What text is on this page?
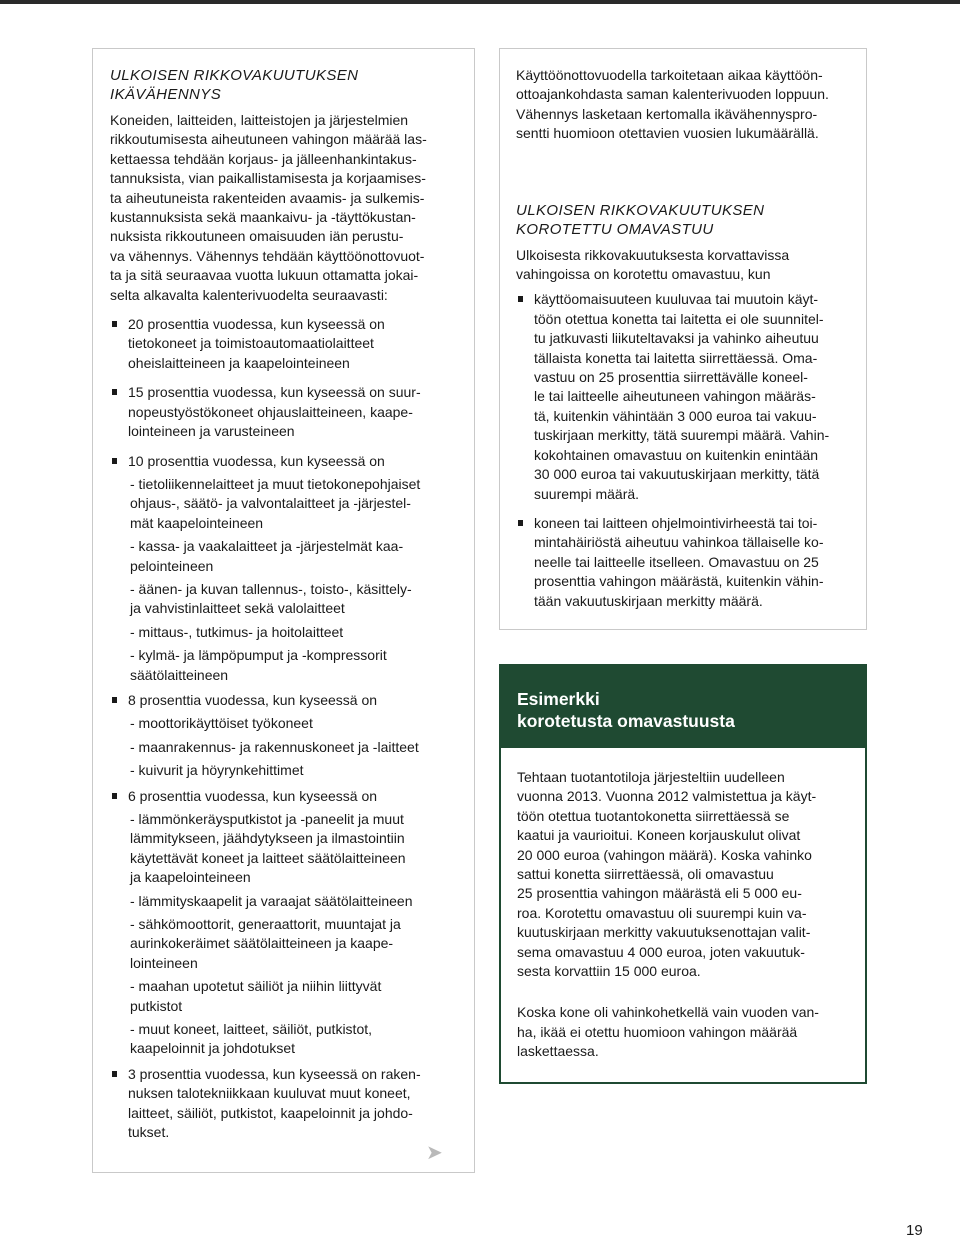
ULKOISEN RIKKOVAKUUTUKSEN
IKÄVÄHENNYS
Koneiden, laitteiden, laitteistojen ja järjestelmien
rikkoutumisesta aiheutuneen vahingon määrää las-
kettaessa tehdään korjaus- ja jälleenhankintakus-
tannuksista, vian paikallistamisesta ja korjaamises-
ta aiheutuneista rakenteiden avaamis- ja sulkemis-
kustannuksista sekä maankaivu- ja -täyttökustan-
nuksista rikkoutuneen omaisuuden iän perustu-
va vähennys. Vähennys tehdään käyttöönottovuot-
ta ja sitä seuraavaa vuotta lukuun ottamatta jokai-
selta alkavalta kalenterivuodelta seuraavasti:
20 prosenttia vuodessa, kun kyseessä on
tietokoneet ja toimistoautomaatiolaitteet
oheislaitteineen ja kaapelointeineen
15 prosenttia vuodessa, kun kyseessä on suur-
nopeustyöstökoneet ohjauslaitteineen, kaape-
lointeineen ja varusteineen
10 prosenttia vuodessa, kun kyseessä on
- tietoliikennelaitteet ja muut tietokonepohjaiset
ohjaus-, säätö- ja valvontalaitteet ja -järjestel-
mät kaapelointeineen
- kassa- ja vaakalaitteet ja -järjestelmät kaa-
pelointeineen
- äänen- ja kuvan tallennus-, toisto-, käsittely-
ja vahvistinlaitteet sekä valolaitteet
- mittaus-, tutkimus- ja hoitolaitteet
- kylmä- ja lämpöpumput ja -kompressorit
säätölaitteineen
8 prosenttia vuodessa, kun kyseessä on
- moottorikäyttöiset työkoneet
- maanrakennus- ja rakennuskoneet ja -laitteet
- kuivurit ja höyrynkehittimet
6 prosenttia vuodessa, kun kyseessä on
- lämmönkeräysputkistot ja -paneelit ja muut
lämmitykseen, jäähdytykseen ja ilmastointiin
käytettävät koneet ja laitteet säätölaitteineen
ja kaapelointeineen
- lämmityskaapelit ja varaajat säätölaitteineen
- sähkömoottorit, generaattorit, muuntajat ja
aurinkokeräimet säätölaitteineen ja kaape-
lointeineen
- maahan upotetut säiliöt ja niihin liittyvät
putkistot
- muut koneet, laitteet, säiliöt, putkistot,
kaapeloinnit ja johdotukset
3 prosenttia vuodessa, kun kyseessä on raken-
nuksen talotekniikkaan kuuluvat muut koneet,
laitteet, säiliöt, putkistot, kaapeloinnit ja johdo-
tukset.
➤
Käyttöönottovuodella tarkoitetaan aikaa käyttöön-
ottoajankohdasta saman kalenterivuoden loppuun.
Vähennys lasketaan kertomalla ikävähennyspro-
sentti huomioon otettavien vuosien lukumäärällä.
ULKOISEN RIKKOVAKUUTUKSEN
KOROTETTU OMAVASTUU
Ulkoisesta rikkovakuutuksesta korvattavissa
vahingoissa on korotettu omavastuu, kun
käyttöomaisuuteen kuuluvaa tai muutoin käyt-
töön otettua konetta tai laitetta ei ole suunnitel-
tu jatkuvasti liikuteltavaksi ja vahinko aiheutuu
tällaista konetta tai laitetta siirrettäessä. Oma-
vastuu on 25 prosenttia siirrettävälle koneel-
le tai laitteelle aiheutuneen vahingon määräs-
tä, kuitenkin vähintään 3 000 euroa tai vakuu-
tuskirjaan merkitty, tätä suurempi määrä. Vahin-
kokohtainen omavastuu on kuitenkin enintään
30 000 euroa tai vakuutuskirjaan merkitty, tätä
suurempi määrä.
koneen tai laitteen ohjelmointivirheestä tai toi-
mintahäiriöstä aiheutuu vahinkoa tällaiselle ko-
neelle tai laitteelle itselleen. Omavastuu on 25
prosenttia vahingon määrästä, kuitenkin vähin-
tään vakuutuskirjaan merkitty määrä.
Esimerkki
korotetusta omavastuusta
Tehtaan tuotantotiloja järjesteltiin uudelleen
vuonna 2013. Vuonna 2012 valmistettua ja käyt-
töön otettua tuotantokonetta siirrettäessä se
kaatui ja vaurioitui. Koneen korjauskulut olivat
20 000 euroa (vahingon määrä). Koska vahinko
sattui konetta siirrettäessä, oli omavastuu
25 prosenttia vahingon määrästä eli 5 000 eu-
roa. Korotettu omavastuu oli suurempi kuin va-
kuutuskirjaan merkitty vakuutuksenottajan valit-
sema omavastuu 4 000 euroa, joten vakuutuk-
sesta korvattiin 15 000 euroa.
Koska kone oli vahinkohetkellä vain vuoden van-
ha, ikää ei otettu huomioon vahingon määrää
laskettaessa.
19
